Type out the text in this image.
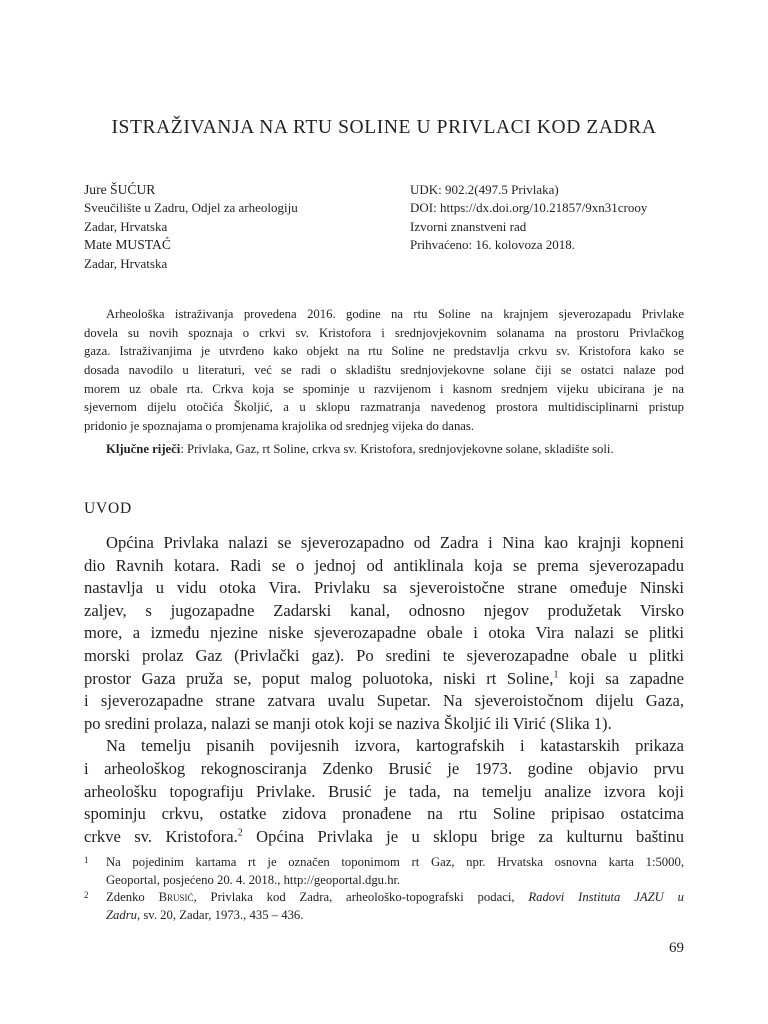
ISTRAŽIVANJA NA RTU SOLINE U PRIVLACI KOD ZADRA
Jure ŠUĆUR
Sveučilište u Zadru, Odjel za arheologiju
Zadar, Hrvatska
Mate MUSTAĆ
Zadar, Hrvatska
UDK: 902.2(497.5 Privlaka)
DOI: https://dx.doi.org/10.21857/9xn31crooy
Izvorni znanstveni rad
Prihvaćeno: 16. kolovoza 2018.
Arheološka istraživanja provedena 2016. godine na rtu Soline na krajnjem sjeverozapadu Privlake
dovela su novih spoznaja o crkvi sv. Kristofora i srednjovjekovnim solanama na prostoru Privlačkog
gaza. Istraživanjima je utvrđeno kako objekt na rtu Soline ne predstavlja crkvu sv. Kristofora kako se
dosada navodilo u literaturi, već se radi o skladištu srednjovjekovne solane čiji se ostatci nalaze pod
morem uz obale rta. Crkva koja se spominje u razvijenom i kasnom srednjem vijeku ubicirana je na
sjevernom dijelu otočića Školjić, a u sklopu razmatranja navedenog prostora multidisciplinarni pristup
pridonio je spoznajama o promjenama krajolika od srednjeg vijeka do danas.
Ključne riječi: Privlaka, Gaz, rt Soline, crkva sv. Kristofora, srednjovjekovne solane, skladište soli.
UVOD
Općina Privlaka nalazi se sjeverozapadno od Zadra i Nina kao krajnji kopneni
dio Ravnih kotara. Radi se o jednoj od antiklinala koja se prema sjeverozapadu
nastavlja u vidu otoka Vira. Privlaku sa sjeveroistočne strane omeđuje Ninski
zaljev, s jugozapadne Zadarski kanal, odnosno njegov produžetak Virsko
more, a između njezine niske sjeverozapadne obale i otoka Vira nalazi se plitki
morski prolaz Gaz (Privlački gaz). Po sredini te sjeverozapadne obale u plitki
prostor Gaza pruža se, poput malog poluotoka, niski rt Soline,$^1$ koji sa zapadne
i sjeverozapadne strane zatvara uvalu Supetar. Na sjeveroistočnom dijelu Gaza,
po sredini prolaza, nalazi se manji otok koji se naziva Školjić ili Virić (Slika 1).
Na temelju pisanih povijesnih izvora, kartografskih i katastarskih prikaza
i arheološkog rekognosciranja Zdenko Brusić je 1973. godine objavio prvu
arheološku topografiju Privlake. Brusić je tada, na temelju analize izvora koji
spominju crkvu, ostatke zidova pronađene na rtu Soline pripisao ostatcima
crkve sv. Kristofora.$^2$ Općina Privlaka je u sklopu brige za kulturnu baštinu
1 Na pojedinim kartama rt je označen toponimom rt Gaz, npr. Hrvatska osnovna karta 1:5000,
Geoportal, posjećeno 20. 4. 2018., http://geoportal.dgu.hr.
2 Zdenko Brusić, Privlaka kod Zadra, arheološko-topografski podaci, Radovi Instituta JAZU u
Zadru, sv. 20, Zadar, 1973., 435 – 436.
69
